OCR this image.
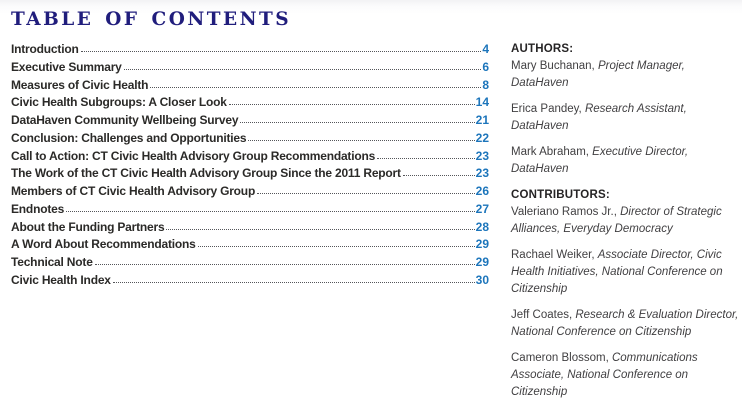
TABLE OF CONTENTS
Introduction	4
Executive Summary	6
Measures of Civic Health	8
Civic Health Subgroups: A Closer Look	14
DataHaven Community Wellbeing Survey	21
Conclusion: Challenges and Opportunities	22
Call to Action: CT Civic Health Advisory Group Recommendations	23
The Work of the CT Civic Health Advisory Group Since the 2011 Report	23
Members of CT Civic Health Advisory Group	26
Endnotes	27
About the Funding Partners	28
A Word About Recommendations	29
Technical Note	29
Civic Health Index	30
AUTHORS:

Mary Buchanan, Project Manager, DataHaven

Erica Pandey, Research Assistant, DataHaven

Mark Abraham, Executive Director, DataHaven

CONTRIBUTORS:

Valeriano Ramos Jr., Director of Strategic Alliances, Everyday Democracy

Rachael Weiker, Associate Director, Civic Health Initiatives, National Conference on Citizenship

Jeff Coates, Research & Evaluation Director, National Conference on Citizenship

Cameron Blossom, Communications Associate, National Conference on Citizenship
